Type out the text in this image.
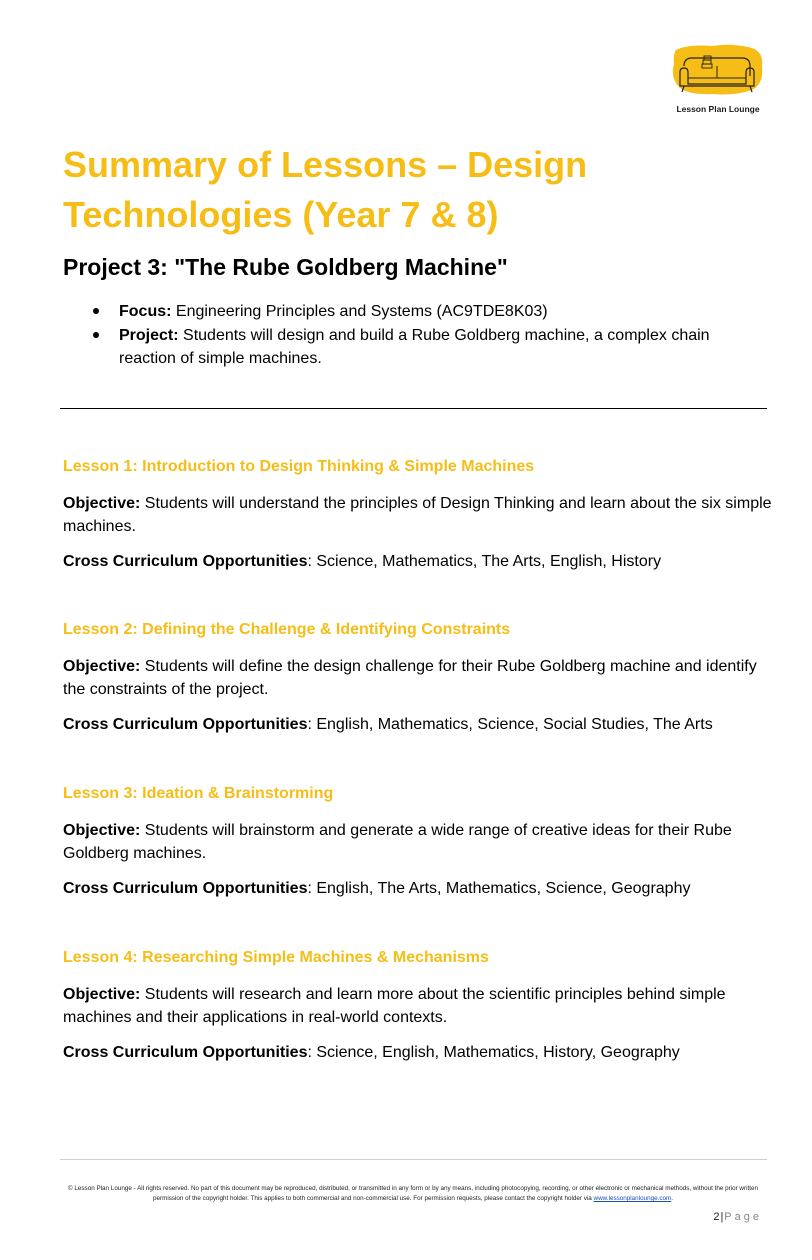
Lesson Plan Lounge
Summary of Lessons – Design Technologies (Year 7 & 8)
Project 3: "The Rube Goldberg Machine"
Focus: Engineering Principles and Systems (AC9TDE8K03)
Project: Students will design and build a Rube Goldberg machine, a complex chain reaction of simple machines.
Lesson 1: Introduction to Design Thinking & Simple Machines

Objective: Students will understand the principles of Design Thinking and learn about the six simple machines.

Cross Curriculum Opportunities: Science, Mathematics, The Arts, English, History

Lesson 2: Defining the Challenge & Identifying Constraints

Objective: Students will define the design challenge for their Rube Goldberg machine and identify the constraints of the project.

Cross Curriculum Opportunities: English, Mathematics, Science, Social Studies, The Arts

Lesson 3: Ideation & Brainstorming

Objective: Students will brainstorm and generate a wide range of creative ideas for their Rube Goldberg machines.

Cross Curriculum Opportunities: English, The Arts, Mathematics, Science, Geography

Lesson 4: Researching Simple Machines & Mechanisms

Objective: Students will research and learn more about the scientific principles behind simple machines and their applications in real-world contexts.

Cross Curriculum Opportunities: Science, English, Mathematics, History, Geography

© Lesson Plan Lounge - All rights reserved. No part of this document may be reproduced, distributed, or transmitted in any form or by any means, including photocopying, recording, or other electronic or mechanical methods, without the prior written permission of the copyright holder. This applies to both commercial and non-commercial use. For permission requests, please contact the copyright holder via www.lessonplanlounge.com.
2|Page
